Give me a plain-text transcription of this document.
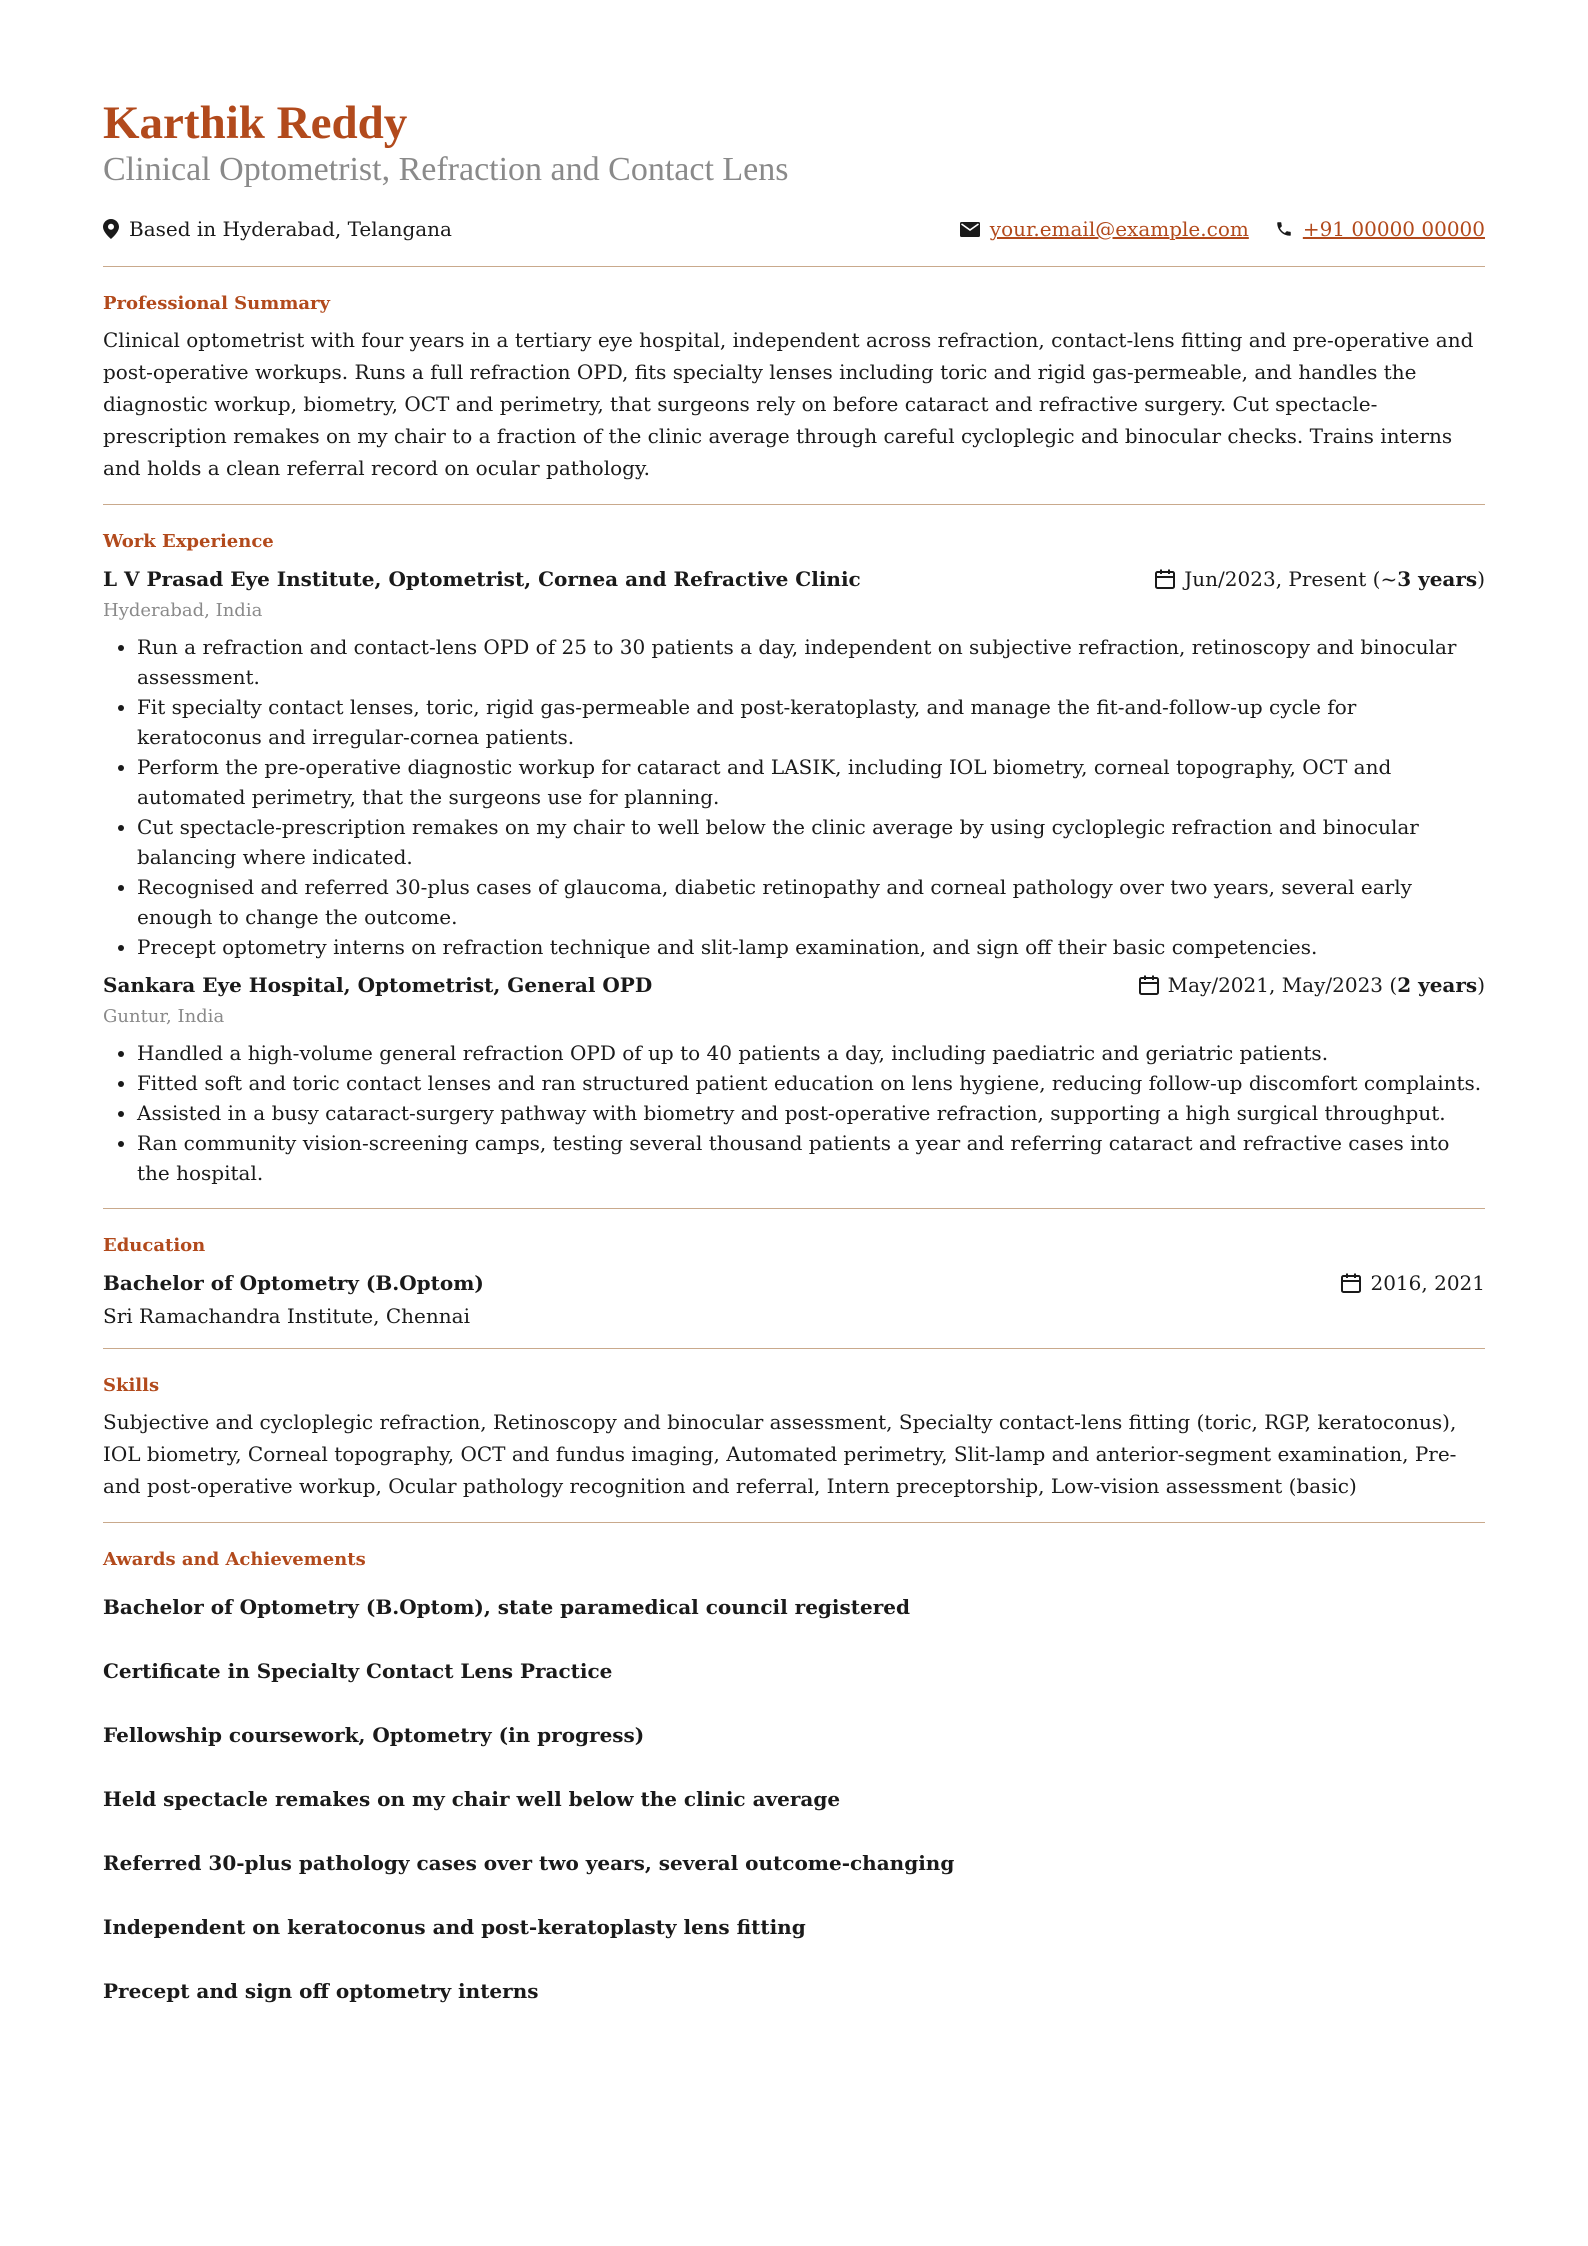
Karthik Reddy
Clinical Optometrist, Refraction and Contact Lens
Based in Hyderabad, Telangana	your.email@example.com	+91 00000 00000
Professional Summary

Clinical optometrist with four years in a tertiary eye hospital, independent across refraction, contact-lens fitting and pre-operative and post-operative workups. Runs a full refraction OPD, fits specialty lenses including toric and rigid gas-permeable, and handles the diagnostic workup, biometry, OCT and perimetry, that surgeons rely on before cataract and refractive surgery. Cut spectacle-prescription remakes on my chair to a fraction of the clinic average through careful cycloplegic and binocular checks. Trains interns and holds a clean referral record on ocular pathology.

Work Experience
L V Prasad Eye Institute, Optometrist, Cornea and Refractive Clinic	Jun/2023, Present (~ 3 years )
Hyderabad, India
• Run a refraction and contact-lens OPD of 25 to 30 patients a day, independent on subjective refraction, retinoscopy and binocular assessment.
• Fit specialty contact lenses, toric, rigid gas-permeable and post-keratoplasty, and manage the fit-and-follow-up cycle for keratoconus and irregular-cornea patients.
• Perform the pre-operative diagnostic workup for cataract and LASIK, including IOL biometry, corneal topography, OCT and automated perimetry, that the surgeons use for planning.
• Cut spectacle-prescription remakes on my chair to well below the clinic average by using cycloplegic refraction and binocular balancing where indicated.
• Recognised and referred 30-plus cases of glaucoma, diabetic retinopathy and corneal pathology over two years, several early enough to change the outcome.
• Precept optometry interns on refraction technique and slit-lamp examination, and sign off their basic competencies.
Sankara Eye Hospital, Optometrist, General OPD	May/2021, May/2023 ( 2 years )
Guntur, India
• Handled a high-volume general refraction OPD of up to 40 patients a day, including paediatric and geriatric patients.
• Fitted soft and toric contact lenses and ran structured patient education on lens hygiene, reducing follow-up discomfort complaints.
• Assisted in a busy cataract-surgery pathway with biometry and post-operative refraction, supporting a high surgical throughput.
• Ran community vision-screening camps, testing several thousand patients a year and referring cataract and refractive cases into the hospital.
Education
Bachelor of Optometry (B.Optom)	2016, 2021
Sri Ramachandra Institute, Chennai
Skills

Subjective and cycloplegic refraction, Retinoscopy and binocular assessment, Specialty contact-lens fitting (toric, RGP, keratoconus), IOL biometry, Corneal topography, OCT and fundus imaging, Automated perimetry, Slit-lamp and anterior-segment examination, Pre- and post-operative workup, Ocular pathology recognition and referral, Intern preceptorship, Low-vision assessment (basic)

Awards and Achievements

Bachelor of Optometry (B.Optom), state paramedical council registered

Certificate in Specialty Contact Lens Practice

Fellowship coursework, Optometry (in progress)

Held spectacle remakes on my chair well below the clinic average

Referred 30-plus pathology cases over two years, several outcome-changing

Independent on keratoconus and post-keratoplasty lens fitting

Precept and sign off optometry interns
